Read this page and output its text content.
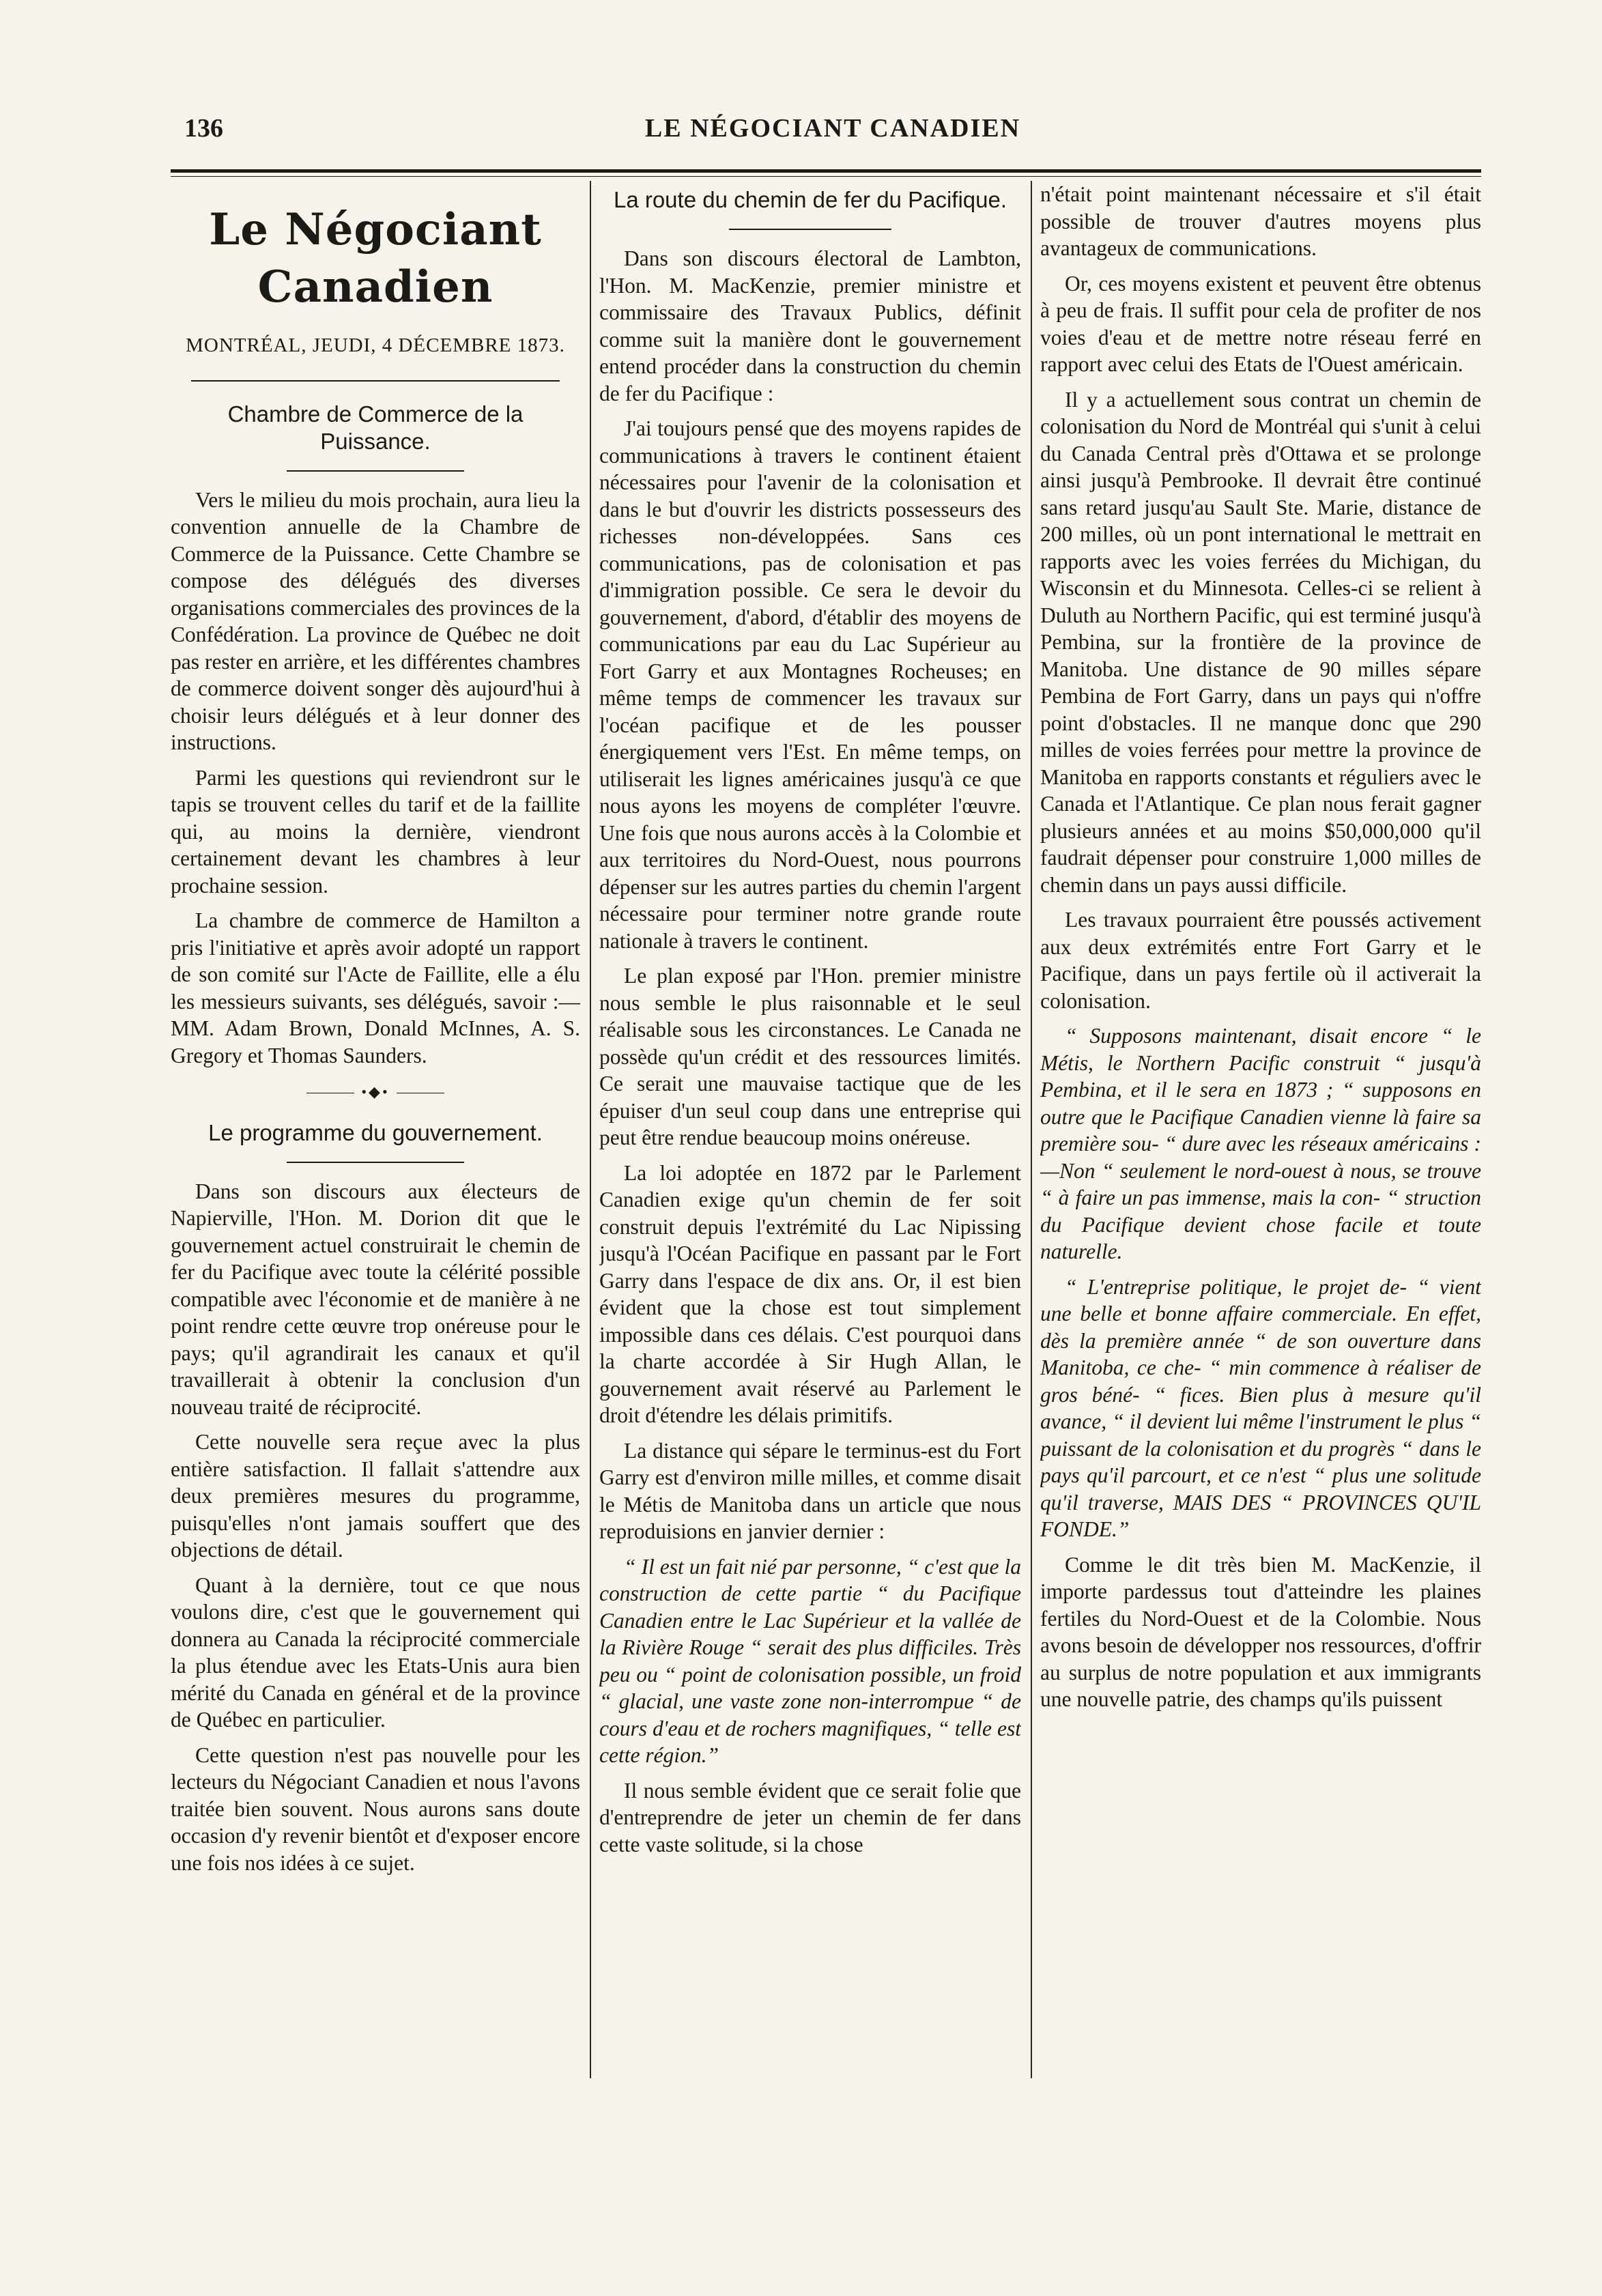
136	LE NÉGOCIANT CANADIEN
Le Négociant Canadien
MONTRÉAL, JEUDI, 4 DÉCEMBRE 1873.
Chambre de Commerce de la Puissance.

Vers le milieu du mois prochain, aura lieu la convention annuelle de la Chambre de Commerce de la Puissance. Cette Chambre se compose des délégués des diverses organisations commerciales des provinces de la Confédération. La province de Québec ne doit pas rester en arrière, et les différentes chambres de commerce doivent songer dès aujourd'hui à choisir leurs délégués et à leur donner des instructions.

Parmi les questions qui reviendront sur le tapis se trouvent celles du tarif et de la faillite qui, au moins la dernière, viendront certainement devant les chambres à leur prochaine session.

La chambre de commerce de Hamilton a pris l'initiative et après avoir adopté un rapport de son comité sur l'Acte de Faillite, elle a élu les messieurs suivants, ses délégués, savoir :—MM. Adam Brown, Donald McInnes, A. S. Gregory et Thomas Saunders.

•◆•
Le programme du gouvernement.

Dans son discours aux électeurs de Napierville, l'Hon. M. Dorion dit que le gouvernement actuel construirait le chemin de fer du Pacifique avec toute la célérité possible compatible avec l'économie et de manière à ne point rendre cette œuvre trop onéreuse pour le pays; qu'il agrandirait les canaux et qu'il travaillerait à obtenir la conclusion d'un nouveau traité de réciprocité.

Cette nouvelle sera reçue avec la plus entière satisfaction. Il fallait s'attendre aux deux premières mesures du programme, puisqu'elles n'ont jamais souffert que des objections de détail.

Quant à la dernière, tout ce que nous voulons dire, c'est que le gouvernement qui donnera au Canada la réciprocité commerciale la plus étendue avec les Etats-Unis aura bien mérité du Canada en général et de la province de Québec en particulier.

Cette question n'est pas nouvelle pour les lecteurs du Négociant Canadien et nous l'avons traitée bien souvent. Nous aurons sans doute occasion d'y revenir bientôt et d'exposer encore une fois nos idées à ce sujet.

La route du chemin de fer du Pacifique.

Dans son discours électoral de Lambton, l'Hon. M. MacKenzie, premier ministre et commissaire des Travaux Publics, définit comme suit la manière dont le gouvernement entend procéder dans la construction du chemin de fer du Pacifique :

J'ai toujours pensé que des moyens rapides de communications à travers le continent étaient nécessaires pour l'avenir de la colonisation et dans le but d'ouvrir les districts possesseurs des richesses non-développées. Sans ces communications, pas de colonisation et pas d'immigration possible. Ce sera le devoir du gouvernement, d'abord, d'établir des moyens de communications par eau du Lac Supérieur au Fort Garry et aux Montagnes Rocheuses; en même temps de commencer les travaux sur l'océan pacifique et de les pousser énergiquement vers l'Est. En même temps, on utiliserait les lignes américaines jusqu'à ce que nous ayons les moyens de compléter l'œuvre. Une fois que nous aurons accès à la Colombie et aux territoires du Nord-Ouest, nous pourrons dépenser sur les autres parties du chemin l'argent nécessaire pour terminer notre grande route nationale à travers le continent.

Le plan exposé par l'Hon. premier ministre nous semble le plus raisonnable et le seul réalisable sous les circonstances. Le Canada ne possède qu'un crédit et des ressources limités. Ce serait une mauvaise tactique que de les épuiser d'un seul coup dans une entreprise qui peut être rendue beaucoup moins onéreuse.

La loi adoptée en 1872 par le Parlement Canadien exige qu'un chemin de fer soit construit depuis l'extrémité du Lac Nipissing jusqu'à l'Océan Pacifique en passant par le Fort Garry dans l'espace de dix ans. Or, il est bien évident que la chose est tout simplement impossible dans ces délais. C'est pourquoi dans la charte accordée à Sir Hugh Allan, le gouvernement avait réservé au Parlement le droit d'étendre les délais primitifs.

La distance qui sépare le terminus-est du Fort Garry est d'environ mille milles, et comme disait le Métis de Manitoba dans un article que nous reproduisions en janvier dernier :

“ Il est un fait nié par personne, “ c'est que la construction de cette partie “ du Pacifique Canadien entre le Lac Supérieur et la vallée de la Rivière Rouge “ serait des plus difficiles. Très peu ou “ point de colonisation possible, un froid “ glacial, une vaste zone non-interrompue “ de cours d'eau et de rochers magnifiques, “ telle est cette région.”

Il nous semble évident que ce serait folie que d'entreprendre de jeter un chemin de fer dans cette vaste solitude, si la chose

n'était point maintenant nécessaire et s'il était possible de trouver d'autres moyens plus avantageux de communications.

Or, ces moyens existent et peuvent être obtenus à peu de frais. Il suffit pour cela de profiter de nos voies d'eau et de mettre notre réseau ferré en rapport avec celui des Etats de l'Ouest américain.

Il y a actuellement sous contrat un chemin de colonisation du Nord de Montréal qui s'unit à celui du Canada Central près d'Ottawa et se prolonge ainsi jusqu'à Pembrooke. Il devrait être continué sans retard jusqu'au Sault Ste. Marie, distance de 200 milles, où un pont international le mettrait en rapports avec les voies ferrées du Michigan, du Wisconsin et du Minnesota. Celles-ci se relient à Duluth au Northern Pacific, qui est terminé jusqu'à Pembina, sur la frontière de la province de Manitoba. Une distance de 90 milles sépare Pembina de Fort Garry, dans un pays qui n'offre point d'obstacles. Il ne manque donc que 290 milles de voies ferrées pour mettre la province de Manitoba en rapports constants et réguliers avec le Canada et l'Atlantique. Ce plan nous ferait gagner plusieurs années et au moins $50,000,000 qu'il faudrait dépenser pour construire 1,000 milles de chemin dans un pays aussi difficile.

Les travaux pourraient être poussés activement aux deux extrémités entre Fort Garry et le Pacifique, dans un pays fertile où il activerait la colonisation.

“ Supposons maintenant, disait encore “ le Métis, le Northern Pacific construit “ jusqu'à Pembina, et il le sera en 1873 ; “ supposons en outre que le Pacifique Canadien vienne là faire sa première sou- “ dure avec les réseaux américains :—Non “ seulement le nord-ouest à nous, se trouve “ à faire un pas immense, mais la con- “ struction du Pacifique devient chose facile et toute naturelle.

“ L'entreprise politique, le projet de- “ vient une belle et bonne affaire commerciale. En effet, dès la première année “ de son ouverture dans Manitoba, ce che- “ min commence à réaliser de gros béné- “ fices. Bien plus à mesure qu'il avance, “ il devient lui même l'instrument le plus “ puissant de la colonisation et du progrès “ dans le pays qu'il parcourt, et ce n'est “ plus une solitude qu'il traverse, MAIS DES “ PROVINCES QU'IL FONDE.”

Comme le dit très bien M. MacKenzie, il importe pardessus tout d'atteindre les plaines fertiles du Nord-Ouest et de la Colombie. Nous avons besoin de développer nos ressources, d'offrir au surplus de notre population et aux immigrants une nouvelle patrie, des champs qu'ils puissent
